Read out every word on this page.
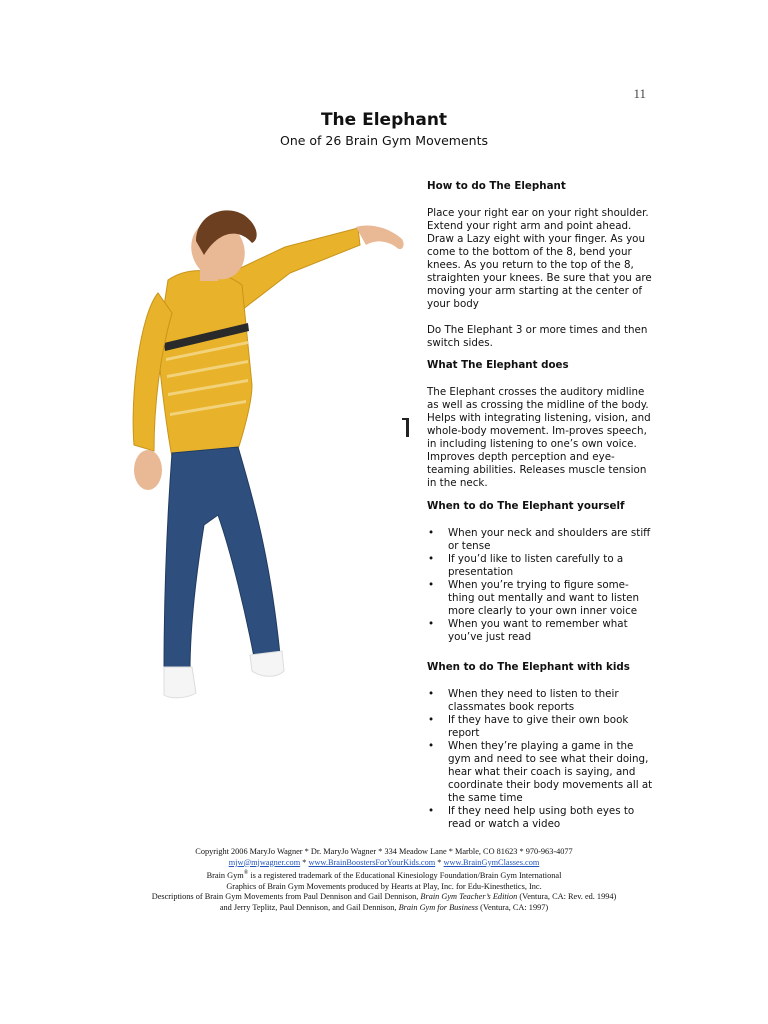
11
The Elephant
One of 26 Brain Gym Movements
How to do The Elephant

Place your right ear on your right shoulder. Extend your right arm and point ahead. Draw a Lazy eight with your finger. As you come to the bottom of the 8, bend your knees. As you return to the top of the 8, straighten your knees. Be sure that you are moving your arm starting at the center of your body

Do The Elephant 3 or more times and then switch sides.

What The Elephant does

The Elephant crosses the auditory midline as well as crossing the midline of the body. Helps with integrating listening, vision, and whole-body movement. Im-proves speech, in including listening to one’s own voice. Improves depth perception and eye-teaming abilities. Releases muscle tension in the neck.

When to do The Elephant yourself
• When your neck and shoulders are stiff or tense
• If you’d like to listen carefully to a presentation
• When you’re trying to figure some-thing out mentally and want to listen more clearly to your own inner voice
• When you want to remember what you’ve just read
When to do The Elephant with kids
• When they need to listen to their classmates book reports
• If they have to give their own book report
• When they’re playing a game in the gym and need to see what their doing, hear what their coach is saying, and coordinate their body movements all at the same time
• If they need help using both eyes to read or watch a video
Copyright 2006 MaryJo Wagner * Dr. MaryJo Wagner * 334 Meadow Lane * Marble, CO 81623 * 970-963-4077
mjw@mjwagner.com * www.BrainBoostersForYourKids.com * www.BrainGymClasses.com
Brain Gym® is a registered trademark of the Educational Kinesiology Foundation/Brain Gym International
Graphics of Brain Gym Movements produced by Hearts at Play, Inc. for Edu-Kinesthetics, Inc.
Descriptions of Brain Gym Movements from Paul Dennison and Gail Dennison, Brain Gym Teacher’s Edition (Ventura, CA: Rev. ed. 1994)
and Jerry Teplitz, Paul Dennison, and Gail Dennison, Brain Gym for Business (Ventura, CA: 1997)
